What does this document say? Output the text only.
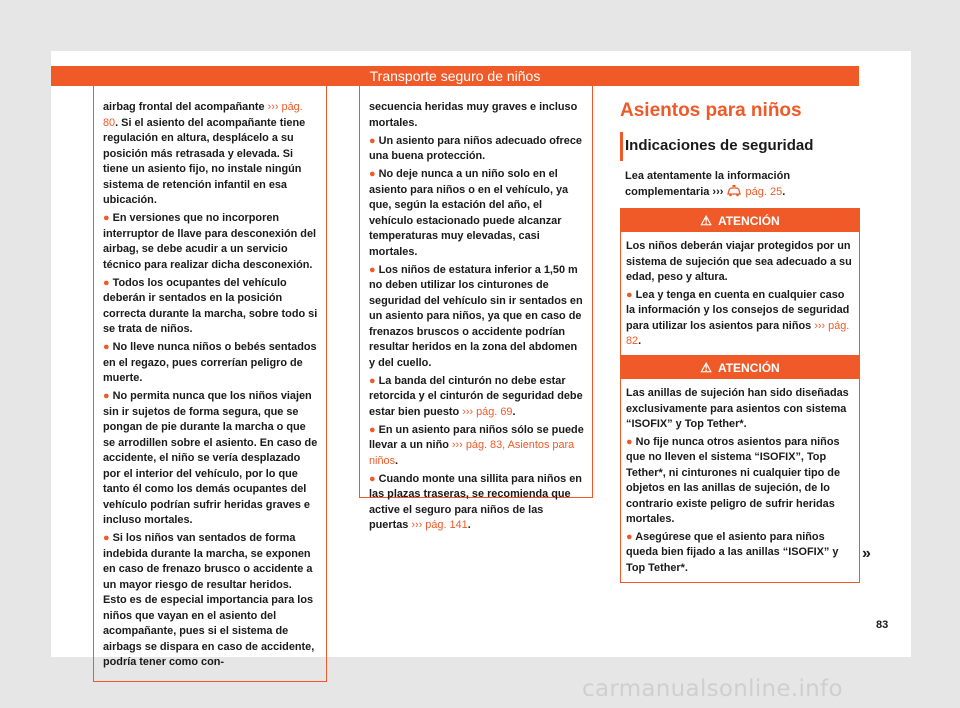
Transporte seguro de niños

airbag frontal del acompañante ››› pág. 80. Si el asiento del acompañante tiene regulación en altura, desplácelo a su posición más retrasada y elevada. Si tiene un asiento fijo, no instale ningún sistema de retención infantil en esa ubicación.

● En versiones que no incorporen interruptor de llave para desconexión del airbag, se debe acudir a un servicio técnico para realizar dicha desconexión.

● Todos los ocupantes del vehículo deberán ir sentados en la posición correcta durante la marcha, sobre todo si se trata de niños.

● No lleve nunca niños o bebés sentados en el regazo, pues correrían peligro de muerte.

● No permita nunca que los niños viajen sin ir sujetos de forma segura, que se pongan de pie durante la marcha o que se arrodillen sobre el asiento. En caso de accidente, el niño se vería desplazado por el interior del vehículo, por lo que tanto él como los demás ocupantes del vehículo podrían sufrir heridas graves e incluso mortales.

● Si los niños van sentados de forma indebida durante la marcha, se exponen en caso de frenazo brusco o accidente a un mayor riesgo de resultar heridos. Esto es de especial importancia para los niños que vayan en el asiento del acompañante, pues si el sistema de airbags se dispara en caso de accidente, podría tener como con-

secuencia heridas muy graves e incluso mortales.

● Un asiento para niños adecuado ofrece una buena protección.

● No deje nunca a un niño solo en el asiento para niños o en el vehículo, ya que, según la estación del año, el vehículo estacionado puede alcanzar temperaturas muy elevadas, casi mortales.

● Los niños de estatura inferior a 1,50 m no deben utilizar los cinturones de seguridad del vehículo sin ir sentados en un asiento para niños, ya que en caso de frenazos bruscos o accidente podrían resultar heridos en la zona del abdomen y del cuello.

● La banda del cinturón no debe estar retorcida y el cinturón de seguridad debe estar bien puesto ››› pág. 69.

● En un asiento para niños sólo se puede llevar a un niño ››› pág. 83, Asientos para niños.

● Cuando monte una sillita para niños en las plazas traseras, se recomienda que active el seguro para niños de las puertas ››› pág. 141.

Asientos para niños
Indicaciones de seguridad

Lea atentamente la información complementaria ›››  pág. 25.

⚠ ATENCIÓN

Los niños deberán viajar protegidos por un sistema de sujeción que sea adecuado a su edad, peso y altura.

● Lea y tenga en cuenta en cualquier caso la información y los consejos de seguridad para utilizar los asientos para niños ››› pág. 82.

⚠ ATENCIÓN

Las anillas de sujeción han sido diseñadas exclusivamente para asientos con sistema “ISOFIX” y Top Tether*.

● No fije nunca otros asientos para niños que no lleven el sistema “ISOFIX”, Top Tether*, ni cinturones ni cualquier tipo de objetos en las anillas de sujeción, de lo contrario existe peligro de sufrir heridas mortales.

● Asegúrese que el asiento para niños queda bien fijado a las anillas “ISOFIX” y Top Tether*.

»
83
carmanualsonline.info
